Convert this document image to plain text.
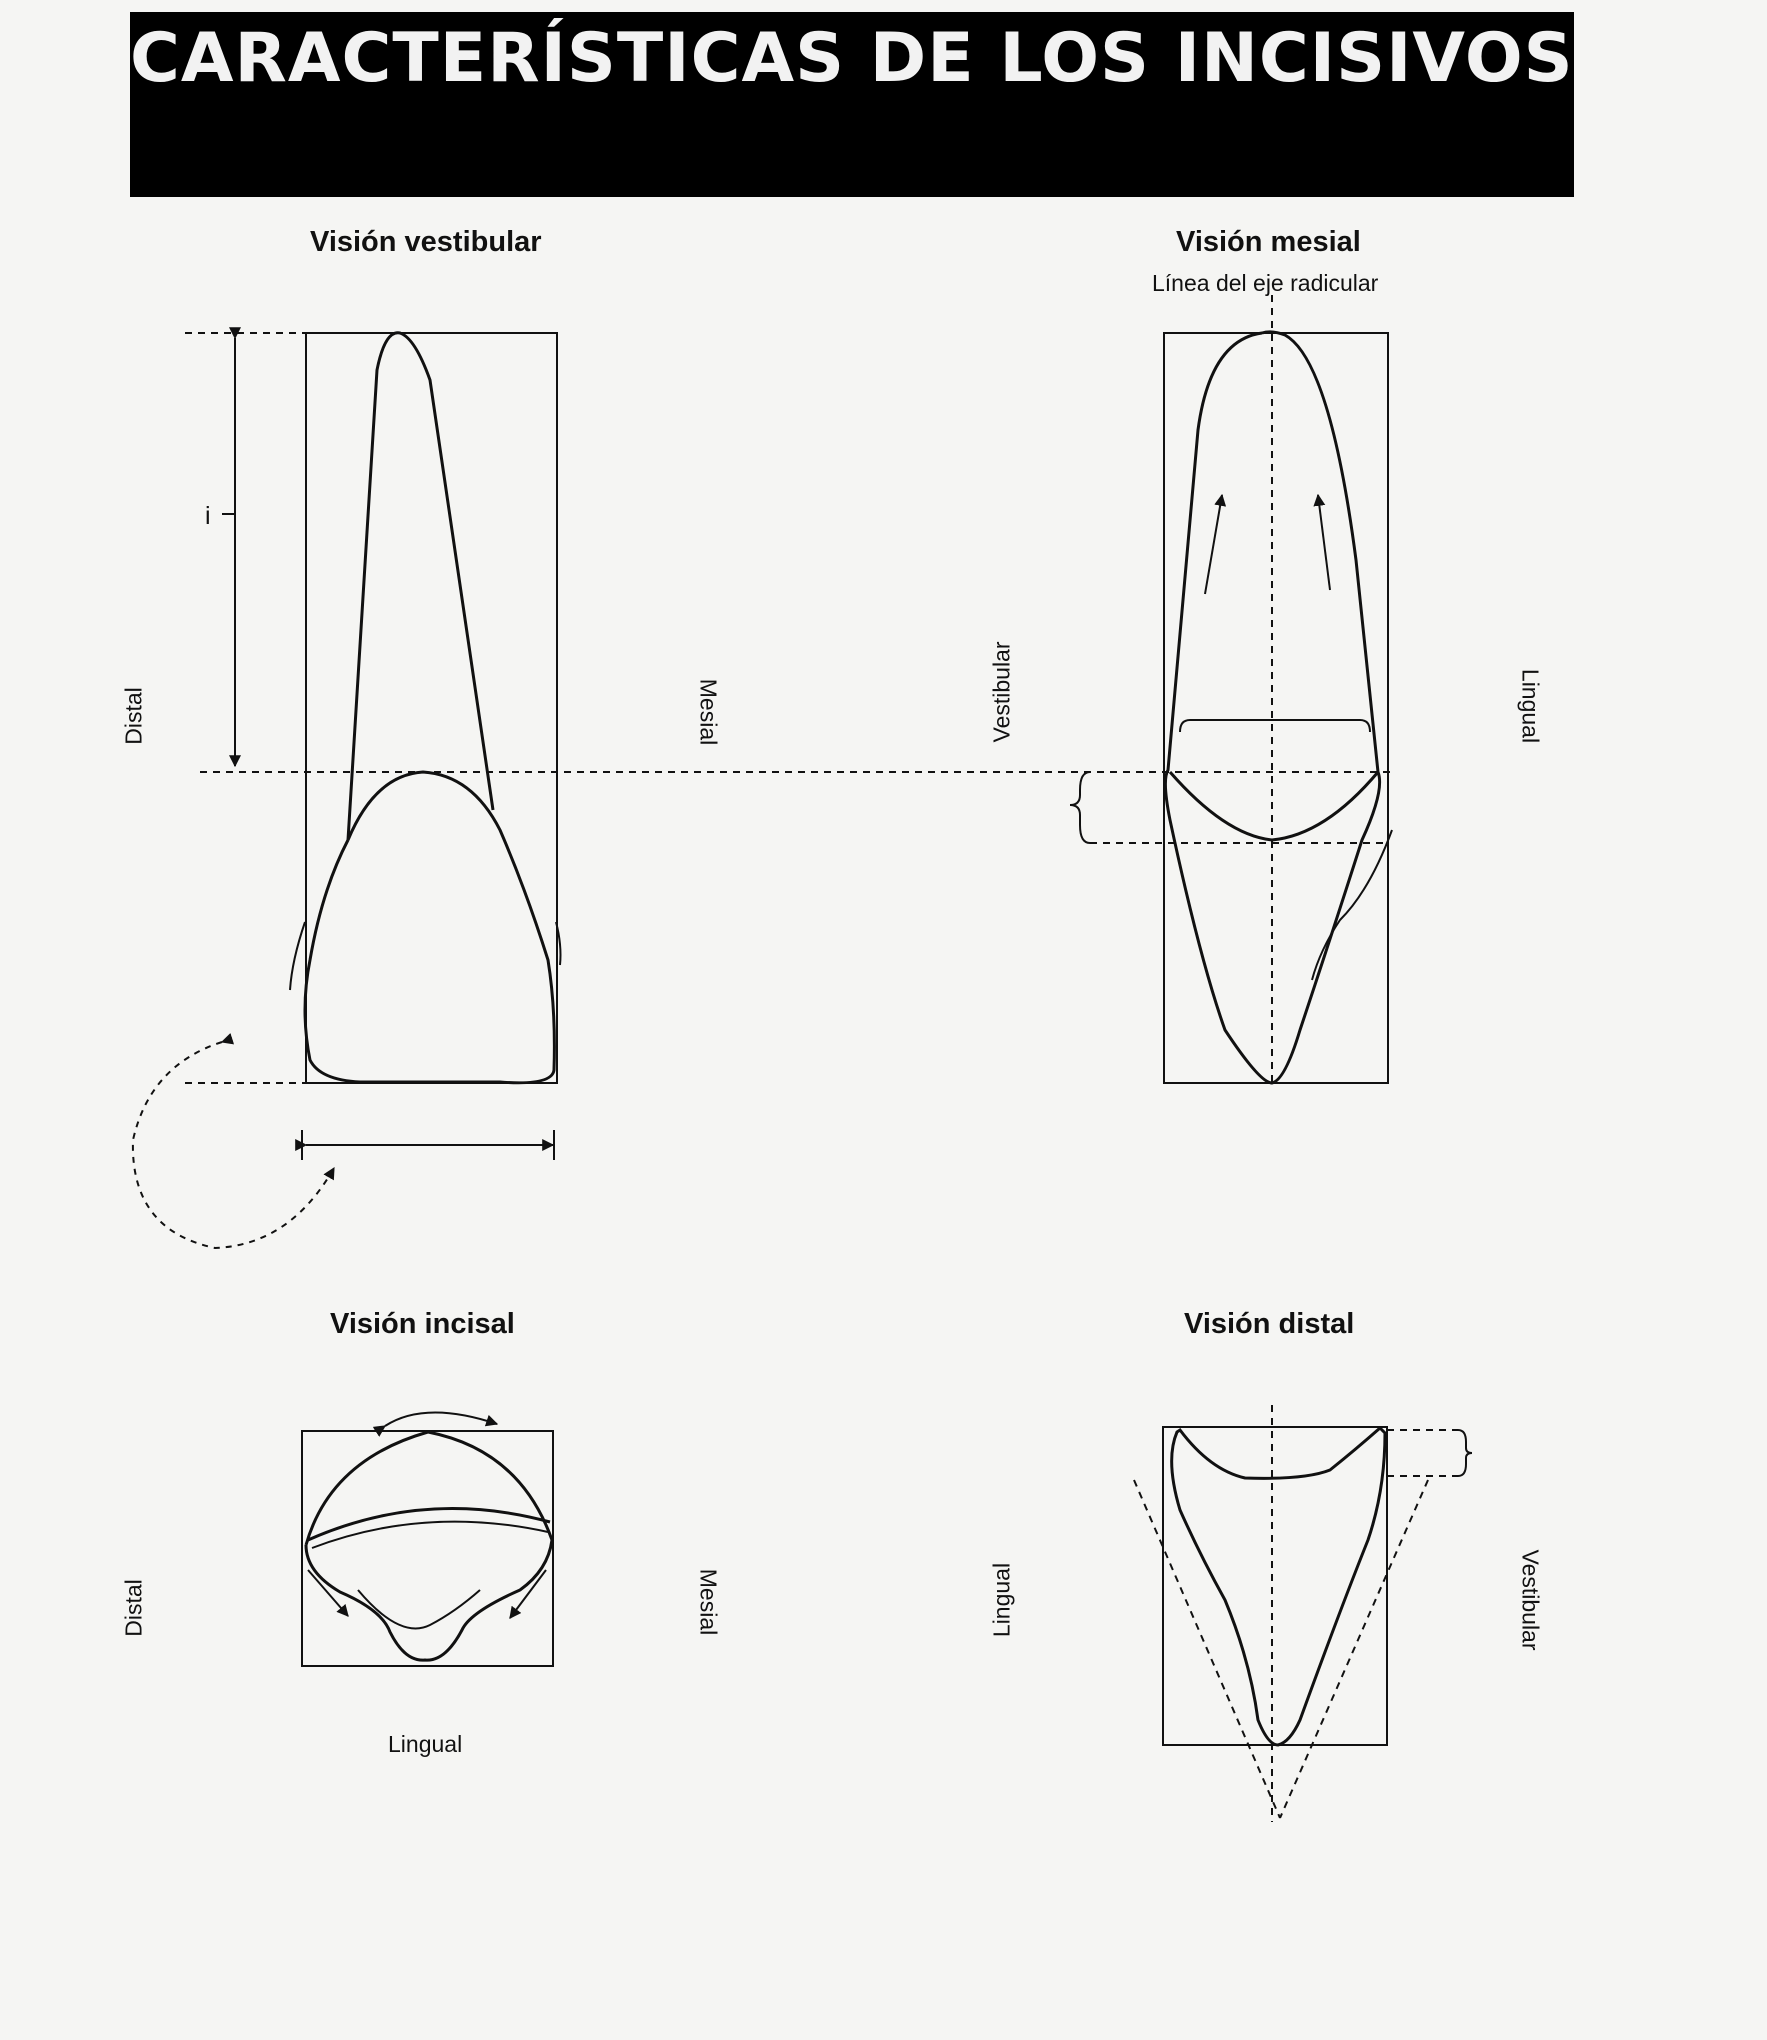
CARACTERÍSTICAS DE LOS INCISIVOS
Visión vestibular	Visión mesial
Visión incisal	Visión distal
Distal	Mesial
i
Línea del eje radicular
Vestibular	Lingual
Distal	Mesial
Lingual
Lingual	Vestibular
